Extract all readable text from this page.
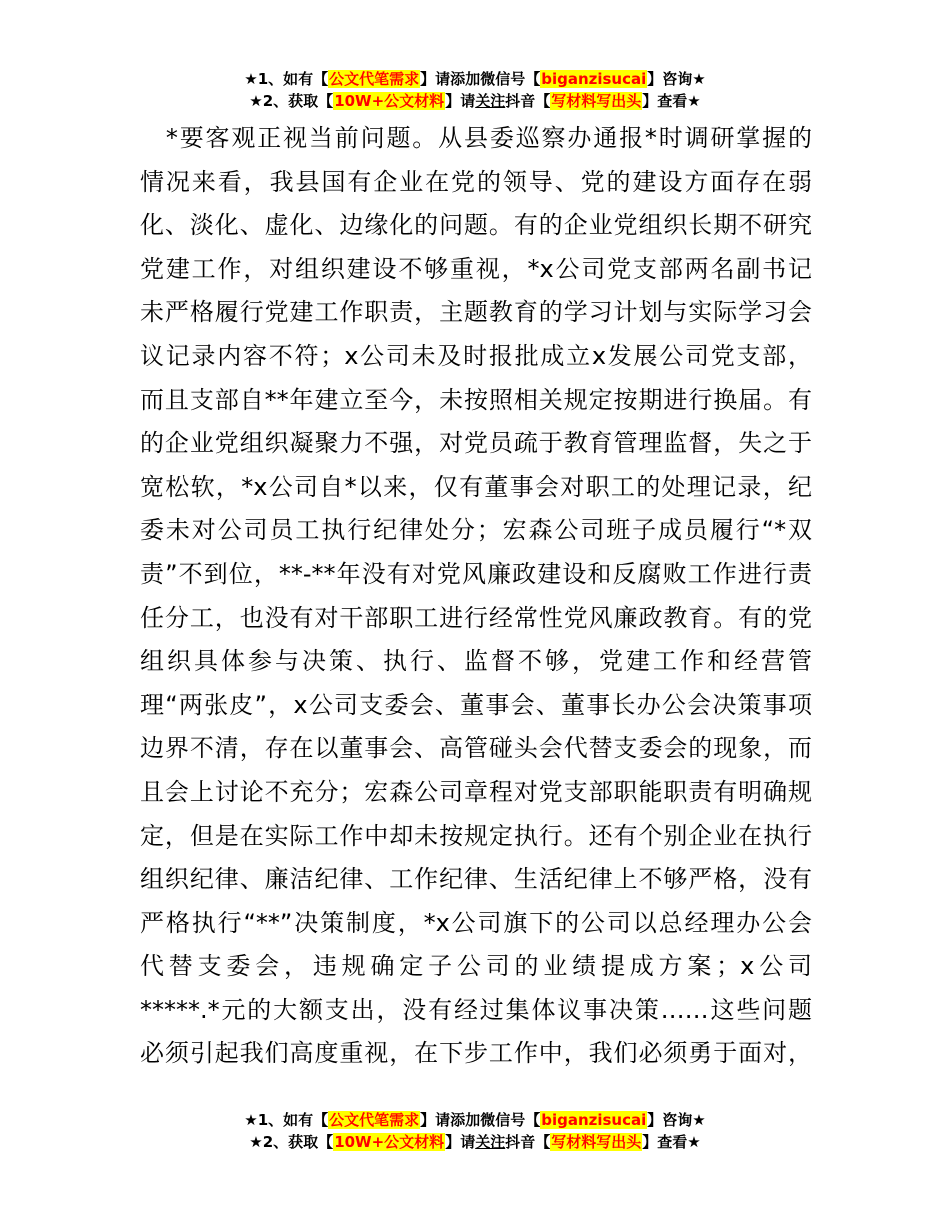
★1、如有【公文代笔需求】请添加微信号【biganzisucai】咨询★
★2、获取【10W+公文材料】请关注抖音【写材料写出头】查看★
　*要客观正视当前问题。从县委巡察办通报*时调研掌握的
情况来看，我县国有企业在党的领导、党的建设方面存在弱
化、淡化、虚化、边缘化的问题。有的企业党组织长期不研究
党建工作，对组织建设不够重视，*x公司党支部两名副书记
未严格履行党建工作职责，主题教育的学习计划与实际学习会
议记录内容不符；x公司未及时报批成立x发展公司党支部，
而且支部自**年建立至今，未按照相关规定按期进行换届。有
的企业党组织凝聚力不强，对党员疏于教育管理监督，失之于
宽松软，*x公司自*以来，仅有董事会对职工的处理记录，纪
委未对公司员工执行纪律处分；宏森公司班子成员履行“*双
责”不到位，**-**年没有对党风廉政建设和反腐败工作进行责
任分工，也没有对干部职工进行经常性党风廉政教育。有的党
组织具体参与决策、执行、监督不够，党建工作和经营管
理“两张皮”，x公司支委会、董事会、董事长办公会决策事项
边界不清，存在以董事会、高管碰头会代替支委会的现象，而
且会上讨论不充分；宏森公司章程对党支部职能职责有明确规
定，但是在实际工作中却未按规定执行。还有个别企业在执行
组织纪律、廉洁纪律、工作纪律、生活纪律上不够严格，没有
严格执行“**”决策制度，*x公司旗下的公司以总经理办公会
代替支委会，违规确定子公司的业绩提成方案；x公司
*****.*元的大额支出，没有经过集体议事决策……这些问题
必须引起我们高度重视，在下步工作中，我们必须勇于面对，
★1、如有【公文代笔需求】请添加微信号【biganzisucai】咨询★
★2、获取【10W+公文材料】请关注抖音【写材料写出头】查看★
